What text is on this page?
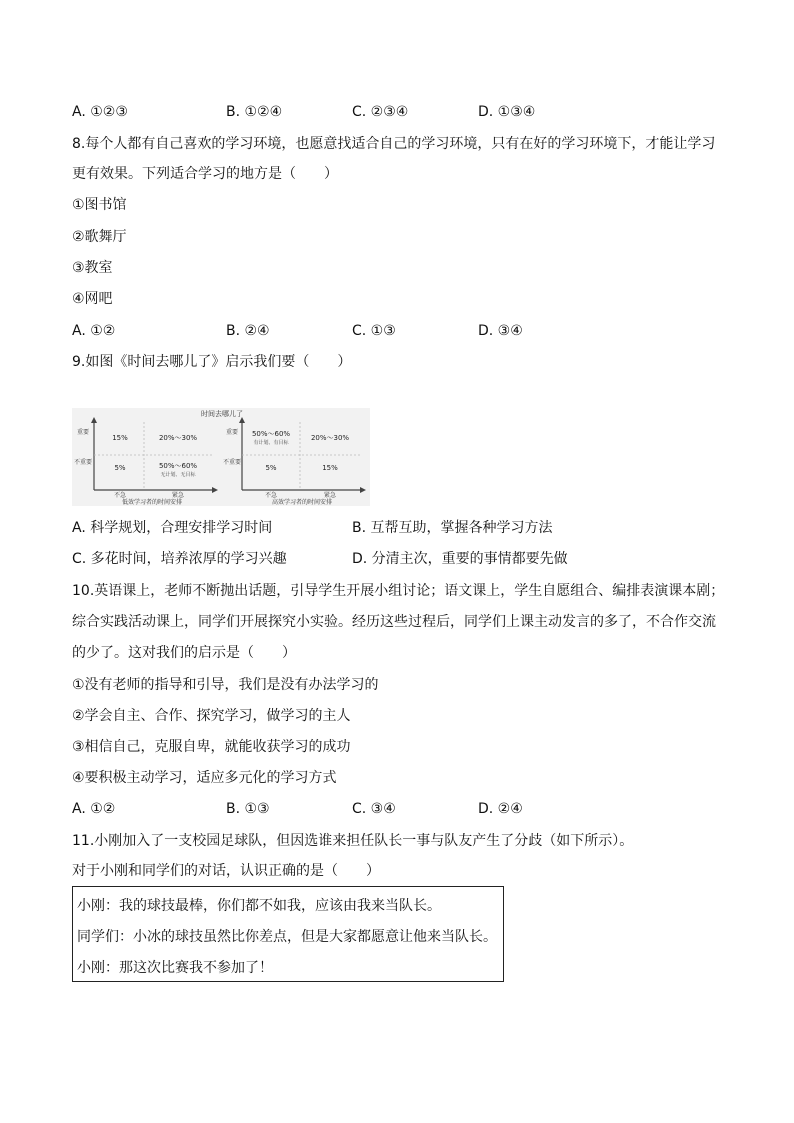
A. ①②③	B. ①②④	C. ②③④	D. ①③④
8.每个人都有自己喜欢的学习环境，也愿意找适合自己的学习环境，只有在好的学习环境下，才能让学习
更有效果。下列适合学习的地方是（　　）
①图书馆
②歌舞厅
③教室
④网吧
A. ①②	B. ②④	C. ①③	D. ③④
9.如图《时间去哪儿了》启示我们要（　　）
时间去哪儿了
重要
不重要
15%	20%～30%
5%	50%～60%
无计划、无目标
不急	紧急
低效学习者的时间安排
重要
不重要
50%～60%
有计划、有目标
20%～30%
5%	15%
不急	紧急
高效学习者的时间安排
A. 科学规划，合理安排学习时间	B. 互帮互助，掌握各种学习方法
C. 多花时间，培养浓厚的学习兴趣	D. 分清主次，重要的事情都要先做
10.英语课上，老师不断抛出话题，引导学生开展小组讨论；语文课上，学生自愿组合、编排表演课本剧；
综合实践活动课上，同学们开展探究小实验。经历这些过程后，同学们上课主动发言的多了，不合作交流
的少了。这对我们的启示是（　　）
①没有老师的指导和引导，我们是没有办法学习的
②学会自主、合作、探究学习，做学习的主人
③相信自己，克服自卑，就能收获学习的成功
④要积极主动学习，适应多元化的学习方式
A. ①②	B. ①③	C. ③④	D. ②④
11.小刚加入了一支校园足球队，但因选谁来担任队长一事与队友产生了分歧（如下所示）。
对于小刚和同学们的对话，认识正确的是（　　）
小刚：我的球技最棒，你们都不如我，应该由我来当队长。
同学们：小冰的球技虽然比你差点，但是大家都愿意让他来当队长。
小刚：那这次比赛我不参加了！
